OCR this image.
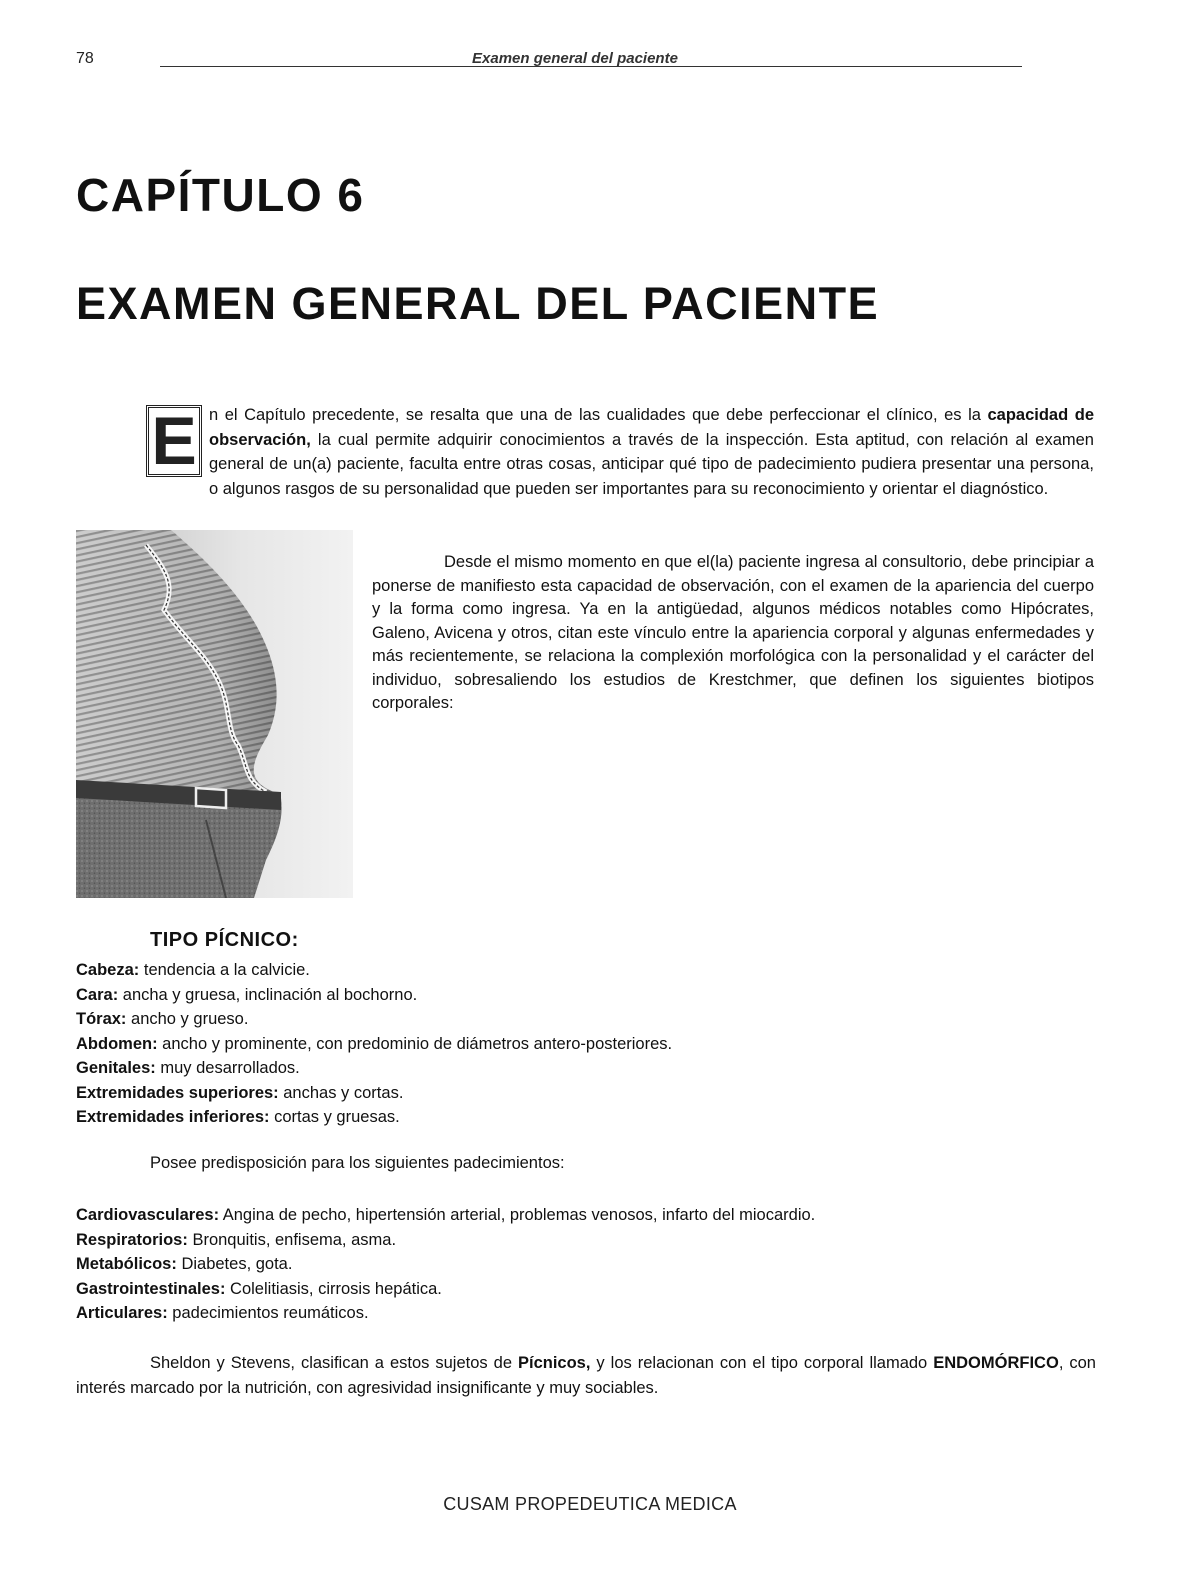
78	Examen general del paciente
CAPÍTULO 6
EXAMEN GENERAL DEL PACIENTE

E n el Capítulo precedente, se resalta que una de las cualidades que debe perfeccionar el clínico, es la capacidad de observación, la cual permite adquirir conocimientos a través de la inspección. Esta aptitud, con relación al examen general de un(a) paciente, faculta entre otras cosas, anticipar qué tipo de padecimiento pudiera presentar una persona, o algunos rasgos de su personalidad que pueden ser importantes para su reconocimiento y orientar el diagnóstico.

Desde el mismo momento en que el(la) paciente ingresa al consultorio, debe principiar a ponerse de manifiesto esta capacidad de observación, con el examen de la apariencia del cuerpo y la forma como ingresa. Ya en la antigüedad, algunos médicos notables como Hipócrates, Galeno, Avicena y otros, citan este vínculo entre la apariencia corporal y algunas enfermedades y más recientemente, se relaciona la complexión morfológica con la personalidad y el carácter del individuo, sobresaliendo los estudios de Krestchmer, que definen los siguientes biotipos corporales:

TIPO PÍCNICO:
Cabeza: tendencia a la calvicie.
Cara: ancha y gruesa, inclinación al bochorno.
Tórax: ancho y grueso.
Abdomen: ancho y prominente, con predominio de diámetros antero-posteriores.
Genitales: muy desarrollados.
Extremidades superiores: anchas y cortas.
Extremidades inferiores: cortas y gruesas.

Posee predisposición para los siguientes padecimientos:

Cardiovasculares: Angina de pecho, hipertensión arterial, problemas venosos, infarto del miocardio.
Respiratorios: Bronquitis, enfisema, asma.
Metabólicos: Diabetes, gota.
Gastrointestinales: Colelitiasis, cirrosis hepática.
Articulares: padecimientos reumáticos.

Sheldon y Stevens, clasifican a estos sujetos de Pícnicos, y los relacionan con el tipo corporal llamado ENDOMÓRFICO, con interés marcado por la nutrición, con agresividad insignificante y muy sociables.

CUSAM PROPEDEUTICA MEDICA
